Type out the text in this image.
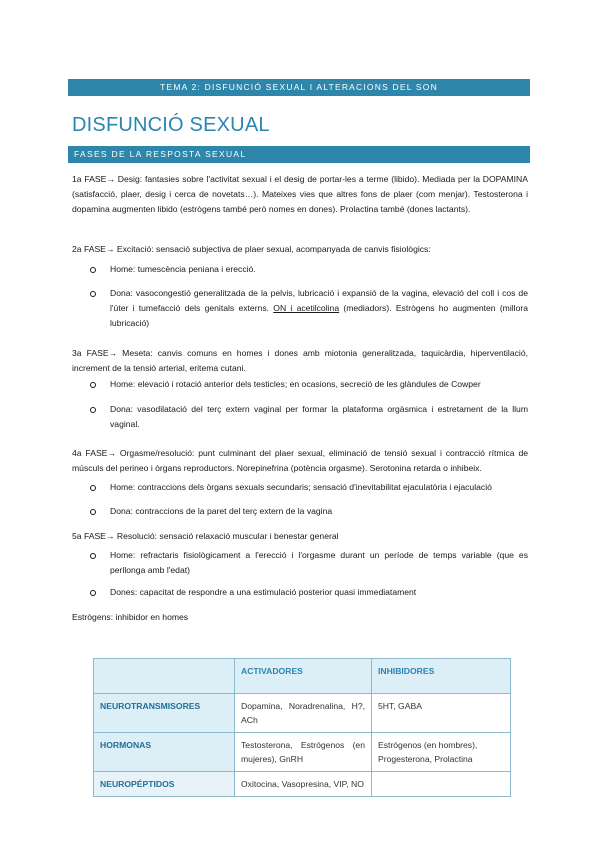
TEMA 2: DISFUNCIÓ SEXUAL I ALTERACIONS DEL SON
DISFUNCIÓ SEXUAL
FASES DE LA RESPOSTA SEXUAL
1a FASE→ Desig: fantasies sobre l'activitat sexual i el desig de portar-les a terme (libido). Mediada per la DOPAMINA (satisfacció, plaer, desig i cerca de novetats…). Mateixes vies que altres fons de plaer (com menjar). Testosterona i dopamina augmenten libido (estrògens també però nomes en dones). Prolactina també (dones lactants).
2a FASE→ Excitació: sensació subjectiva de plaer sexual, acompanyada de canvis fisiològics:
Home: tumescència peniana i erecció.
Dona: vasocongestió generalitzada de la pelvis, lubricació i expansió de la vagina, elevació del coll i cos de l'úter i tumefacció dels genitals externs. ON i acetilcolina (mediadors). Estrògens ho augmenten (millora lubricació)
3a FASE→ Meseta: canvis comuns en homes i dones amb miotonia generalitzada, taquicàrdia, hiperventilació, increment de la tensió arterial, eritema cutani.
Home: elevació i rotació anterior dels testicles; en ocasions, secreció de les glàndules de Cowper
Dona: vasodilatació del terç extern vaginal per formar la plataforma orgàsmica i estretament de la llum vaginal.
4a FASE→ Orgasme/resolució: punt culminant del plaer sexual, eliminació de tensió sexual i contracció rítmica de músculs del perineo i òrgans reproductors. Norepinefrina (potència orgasme). Serotonina retarda o inhibeix.
Home: contraccions dels òrgans sexuals secundaris; sensació d'inevitabilitat ejaculatòria i ejaculació
Dona: contraccions de la paret del terç extern de la vagina
5a FASE→ Resolució: sensació relaxació muscular i benestar general
Home: refractaris fisiològicament a l'erecció i l'orgasme durant un període de temps variable (que es perllonga amb l'edat)
Dones: capacitat de respondre a una estimulació posterior quasi immediatament
Estrògens: inhibidor en homes
	ACTIVADORES	INHIBIDORES
NEUROTRANSMISORES	Dopamina, Noradrenalina, H?, ACh	5HT, GABA
HORMONAS	Testosterona, Estrógenos (en mujeres), GnRH	Estrógenos (en hombres), Progesterona, Prolactina
NEUROPÉPTIDOS	Oxitocina, Vasopresina, VIP, NO	
